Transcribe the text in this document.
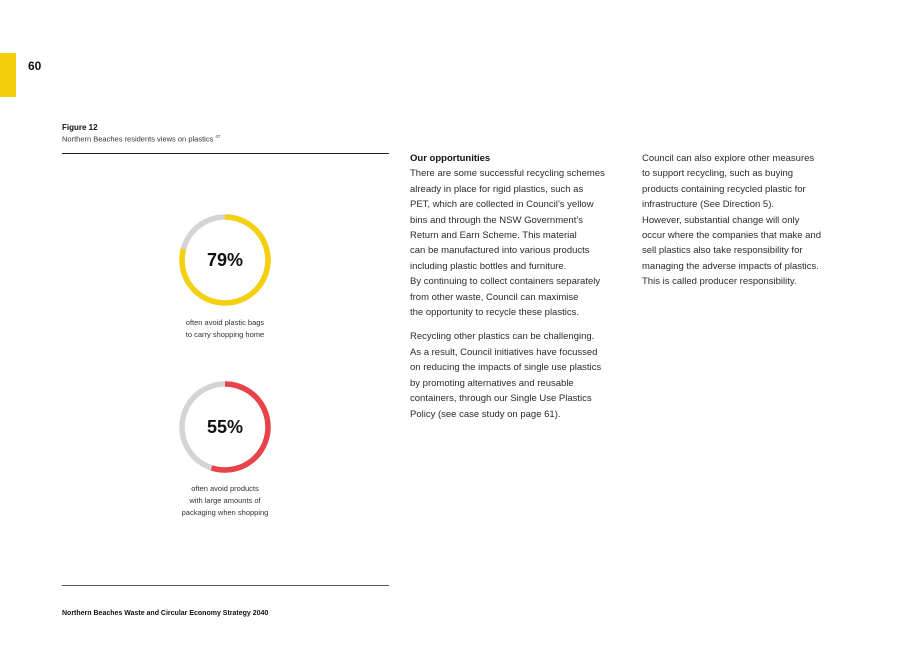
60
Figure 12
Northern Beaches residents views on plastics $^{47}$
79%
often avoid plastic bags
to carry shopping home
55%
often avoid products
with large amounts of
packaging when shopping
Northern Beaches Waste and Circular Economy Strategy 2040
Our opportunities

There are some successful recycling schemes
already in place for rigid plastics, such as
PET, which are collected in Council’s yellow
bins and through the NSW Government’s
Return and Earn Scheme. This material
can be manufactured into various products
including plastic bottles and furniture.
By continuing to collect containers separately
from other waste, Council can maximise
the opportunity to recycle these plastics.

Recycling other plastics can be challenging.
As a result, Council initiatives have focussed
on reducing the impacts of single use plastics
by promoting alternatives and reusable
containers, through our Single Use Plastics
Policy (see case study on page 61).

Council can also explore other measures
to support recycling, such as buying
products containing recycled plastic for
infrastructure (See Direction 5).
However, substantial change will only
occur where the companies that make and
sell plastics also take responsibility for
managing the adverse impacts of plastics.
This is called producer responsibility.
